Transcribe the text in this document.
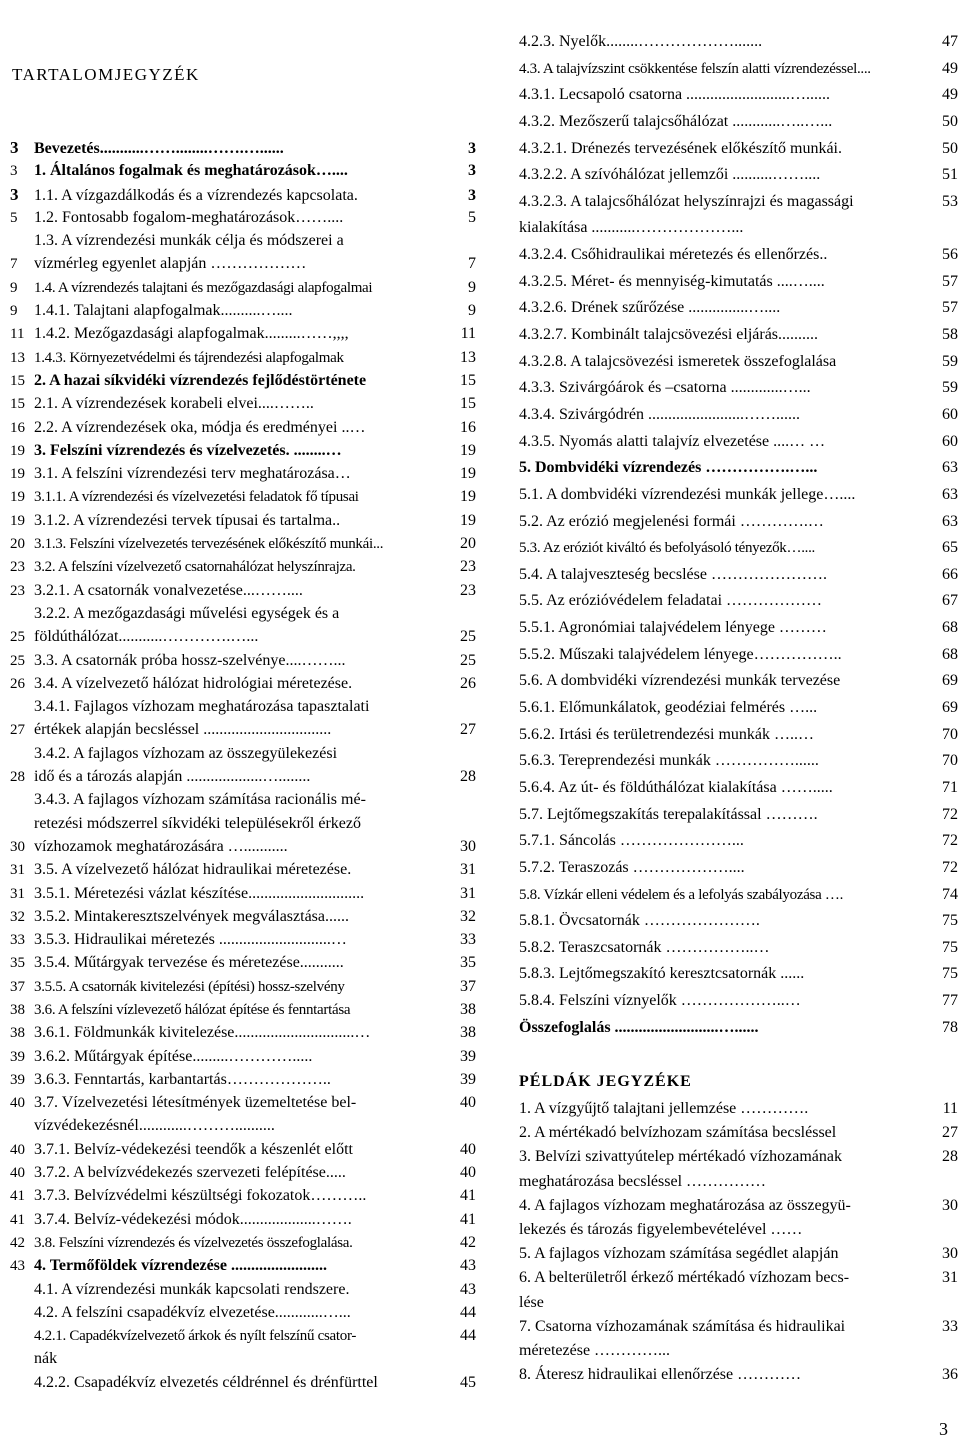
TARTALOMJEGYZÉK
3 Bevezetés...........……........…….…......	3
3	1. Általános fogalmak és meghatározások…....	3
3 1.1. A vízgazdálkodás és a vízrendezés kapcsolata.	3
5	1.2. Fontosabb fogalom-meghatározások……....	5
1.3. A vízrendezési munkák célja és módszerei a
7	vízmérleg egyenlet alapján ………………	7
9	1.4. A vízrendezés talajtani és mezőgazdasági alapfogalmai	9
9	1.4.1. Talajtani alapfogalmak..........…....	9
11 1.4.2. Mezőgazdasági alapfogalmak.........……,,,,	11
13 1.4.3. Környezetvédelmi és tájrendezési alapfogalmak	13
15 2. A hazai síkvidéki vízrendezés fejlődéstörténete	15
15 2.1. A vízrendezések korabeli elvei....……..	15
16 2.2. A vízrendezések oka, módja és eredményei ..…	16
19 3. Felszíni vízrendezés és vízelvezetés. ........…	19
19 3.1. A felszíni vízrendezési terv meghatározása…	19
19 3.1.1. A vízrendezési és vízelvezetési feladatok fő típusai	19
19 3.1.2. A vízrendezési tervek típusai és tartalma..	19
20 3.1.3. Felszíni vízelvezetés tervezésének előkészítő munkái...	20
23 3.2. A felszíni vízelvezető csatornahálózat helyszínrajza.	23
23 3.2.1. A csatornák vonalvezetése...……....	23
3.2.2. A mezőgazdasági művelési egységek és a
25 földúthálózat...........………….…...	25
25 3.3. A csatornák próba hossz-szelvénye....……...	25
26 3.4. A vízelvezető hálózat hidrológiai méretezése.	26
3.4.1. Fajlagos vízhozam meghatározása tapasztalati
27 értékek alapján becsléssel ................................	27
3.4.2. A fajlagos vízhozam az összegyülekezési
28 idő és a tározás alapján ...................…........	28
3.4.3. A fajlagos vízhozam számítása racionális mé-
retezési módszerrel síkvidéki településekről érkező
30 vízhozamok meghatározására …...........	30
31 3.5. A vízelvezető hálózat hidraulikai méretezése.	31
31 3.5.1. Méretezési vázlat készítése.............................	31
32 3.5.2. Mintakeresztszelvények megválasztása......	32
33 3.5.3. Hidraulikai méretezés ............................…	33
35 3.5.4. Műtárgyak tervezése és méretezése...........	35
37 3.5.5. A csatornák kivitelezési (építési) hossz-szelvény	37
38 3.6. A felszíni vízlevezető hálózat építése és fenntartása	38
38 3.6.1. Földmunkák kivitelezése..............................…	38
39 3.6.2. Műtárgyak építése.........………….....	39
39 3.6.3. Fenntartás, karbantartás………………..	39
40 3.7. Vízelvezetési létesítmények üzemeltetése bel-	40
vízvédekezésnél............………..........
40 3.7.1. Belvíz-védekezési teendők a készenlét előtt	40
40 3.7.2. A belvízvédekezés szervezeti felépítése.....	40
41 3.7.3. Belvízvédelmi készültségi fokozatok………..	41
41 3.7.4. Belvíz-védekezési módok...................…….	41
42 3.8. Felszíni vízrendezés és vízelvezetés összefoglalása.	42
43 4. Termőföldek vízrendezése ........................	43
4.1. A vízrendezési munkák kapcsolati rendszere.	43
4.2. A felszíni csapadékvíz elvezetése............…...	44
4.2.1. Capadékvízelvezető árkok és nyílt felszínű csator-	44
nák
4.2.2. Csapadékvíz elvezetés céldrénnel és drénfürttel	45
4.2.3. Nyelők........……………….......	47
4.3. A talajvízszint csökkentése felszín alatti vízrendezéssel....	49
4.3.1. Lecsapoló csatorna ..........................…......	49
4.3.2. Mezőszerű talajcsőhálózat ............…..…...	50
4.3.2.1. Drénezés tervezésének előkészítő munkái.	50
4.3.2.2. A szívóhálózat jellemzői ..........……....	51
4.3.2.3. A talajcsőhálózat helyszínrajzi és magassági	53
kialakítása ...........………………...
4.3.2.4. Csőhidraulikai méretezés és ellenőrzés..	56
4.3.2.5. Méret- és mennyiség-kimutatás ....…....	57
4.3.2.6. Drének szűrőzése ...............…....	57
4.3.2.7. Kombinált talajcsövezési eljárás..........	58
4.3.2.8. A talajcsövezési ismeretek összefoglalása	59
4.3.3. Szivárgóárok és –csatorna .............…...	59
4.3.4. Szivárgódrén ........................……......	60
4.3.5. Nyomás alatti talajvíz elvezetése ....… …	60
5. Dombvidéki vízrendezés …………….…...	63
5.1. A dombvidéki vízrendezési munkák jellege…....	63
5.2. Az erózió megjelenési formái ………….…	63
5.3. Az eróziót kiváltó és befolyásoló tényezők…....	65
5.4. A talajveszteség becslése ………………….	66
5.5. Az erózióvédelem feladatai ………………	67
5.5.1. Agronómiai talajvédelem lényege ………	68
5.5.2. Műszaki talajvédelem lényege……………..	68
5.6. A dombvidéki vízrendezési munkák tervezése	69
5.6.1. Előmunkálatok, geodéziai felmérés …...	69
5.6.2. Irtási és területrendezési munkák …..…	70
5.6.3. Tereprendezési munkák ……………......	70
5.6.4. Az út- és földúthálózat kialakítása …….....	71
5.7. Lejtőmegszakítás terepalakítással ……….	72
5.7.1. Sáncolás …………………...	72
5.7.2. Teraszozás ………………....	72
5.8. Vízkár elleni védelem és a lefolyás szabályozása ….	74
5.8.1. Övcsatornák ………………….	75
5.8.2. Teraszcsatornák ……………..…	75
5.8.3. Lejtőmegszakító keresztcsatornák ......	75
5.8.4. Felszíni víznyelők ………………..…	77
Összefoglalás ..........................…......	78
PÉLDÁK JEGYZÉKE
1. A vízgyűjtő talajtani jellemzése ………….	11
2. A mértékadó belvízhozam számítása becsléssel	27
3. Belvízi szivattyútelep mértékadó vízhozamának	28
meghatározása becsléssel ……………
4. A fajlagos vízhozam meghatározása az összegyü-	30
lekezés és tározás figyelembevételével ……
5. A fajlagos vízhozam számítása segédlet alapján	30
6. A belterületről érkező mértékadó vízhozam becs-	31
lése
7. Csatorna vízhozamának számítása és hidraulikai	33
méretezése …………...
8. Áteresz hidraulikai ellenőrzése …………	36
3
